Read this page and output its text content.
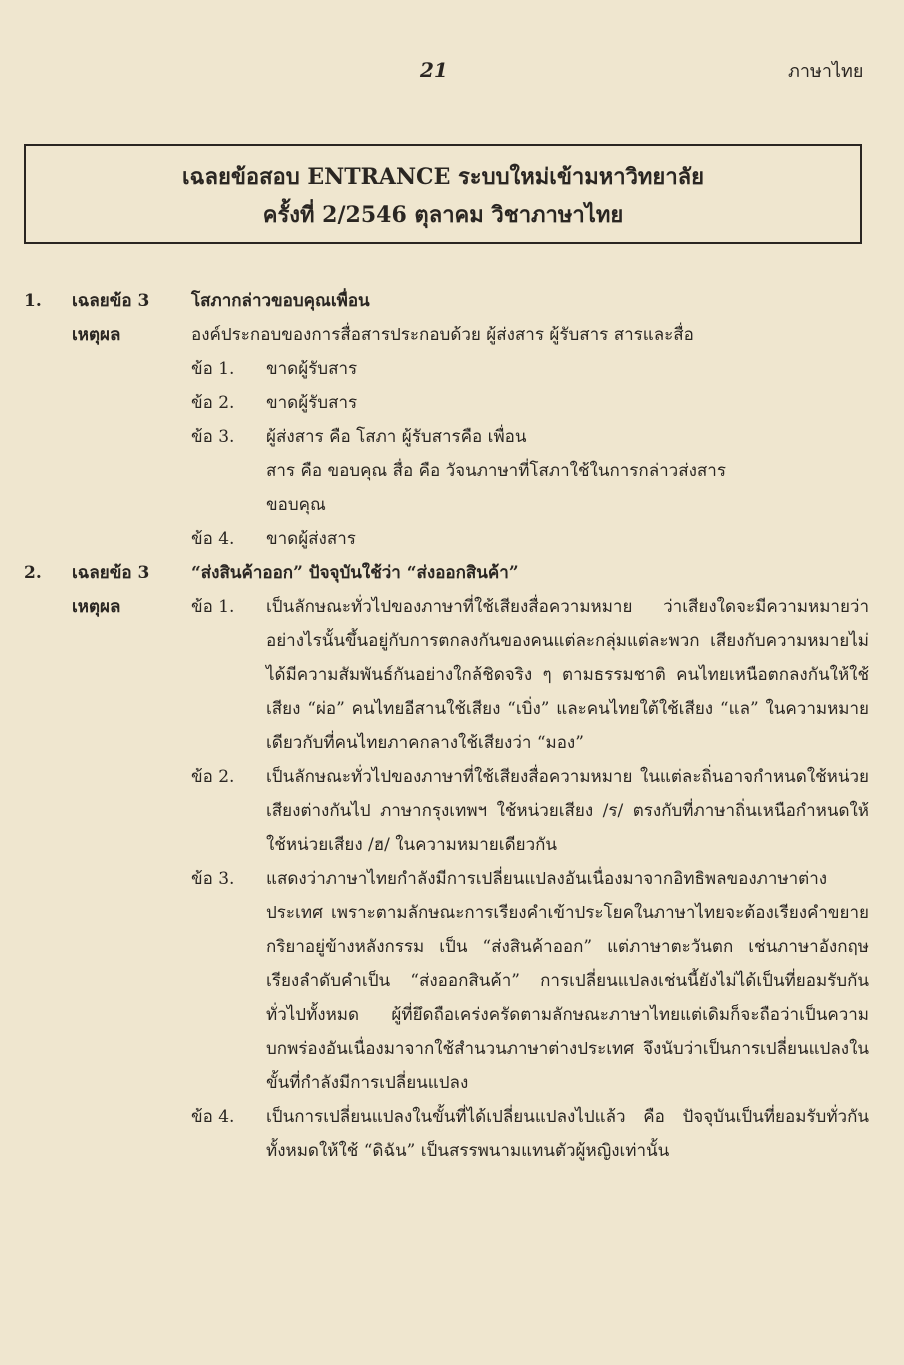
21	ภาษาไทย
เฉลยข้อสอบ ENTRANCE ระบบใหม่เข้ามหาวิทยาลัย
ครั้งที่ 2/2546 ตุลาคม วิชาภาษาไทย
1.	เฉลยข้อ 3	โสภากล่าวขอบคุณเพื่อน
เหตุผล	องค์ประกอบของการสื่อสารประกอบด้วย ผู้ส่งสาร ผู้รับสาร สารและสื่อ
ข้อ 1.	ขาดผู้รับสาร
ข้อ 2.	ขาดผู้รับสาร
ข้อ 3.	ผู้ส่งสาร คือ โสภา ผู้รับสารคือ เพื่อน
สาร คือ ขอบคุณ สื่อ คือ วัจนภาษาที่โสภาใช้ในการกล่าวส่งสาร
ขอบคุณ
ข้อ 4.	ขาดผู้ส่งสาร
2.	เฉลยข้อ 3	“ส่งสินค้าออก” ปัจจุบันใช้ว่า “ส่งออกสินค้า”
เหตุผล	ข้อ 1.	เป็นลักษณะทั่วไปของภาษาที่ใช้เสียงสื่อความหมาย ว่าเสียงใดจะมีความหมายว่าอย่างไรนั้นขึ้นอยู่กับการตกลงกันของคนแต่ละกลุ่มแต่ละพวก เสียงกับความหมายไม่ได้มีความสัมพันธ์กันอย่างใกล้ชิดจริง ๆ ตามธรรมชาติ คนไทยเหนือตกลงกันให้ใช้เสียง “ผ่อ” คนไทยอีสานใช้เสียง “เบิ่ง” และคนไทยใต้ใช้เสียง “แล” ในความหมายเดียวกับที่คนไทยภาคกลางใช้เสียงว่า “มอง”
ข้อ 2.	เป็นลักษณะทั่วไปของภาษาที่ใช้เสียงสื่อความหมาย ในแต่ละถิ่นอาจกำหนดใช้หน่วยเสียงต่างกันไป ภาษากรุงเทพฯ ใช้หน่วยเสียง /ร/ ตรงกับที่ภาษาถิ่นเหนือกำหนดให้ใช้หน่วยเสียง /ฮ/ ในความหมายเดียวกัน
ข้อ 3.	แสดงว่าภาษาไทยกำลังมีการเปลี่ยนแปลงอันเนื่องมาจากอิทธิพลของภาษาต่างประเทศ เพราะตามลักษณะการเรียงคำเข้าประโยคในภาษาไทยจะต้องเรียงคำขยายกริยาอยู่ข้างหลังกรรม เป็น “ส่งสินค้าออก” แต่ภาษาตะวันตก เช่นภาษาอังกฤษ เรียงลำดับคำเป็น “ส่งออกสินค้า” การเปลี่ยนแปลงเช่นนี้ยังไม่ได้เป็นที่ยอมรับกันทั่วไปทั้งหมด ผู้ที่ยึดถือเคร่งครัดตามลักษณะภาษาไทยแต่เดิมก็จะถือว่าเป็นความบกพร่องอันเนื่องมาจากใช้สำนวนภาษาต่างประเทศ จึงนับว่าเป็นการเปลี่ยนแปลงในขั้นที่กำลังมีการเปลี่ยนแปลง
ข้อ 4.	เป็นการเปลี่ยนแปลงในขั้นที่ได้เปลี่ยนแปลงไปแล้ว คือ ปัจจุบันเป็นที่ยอมรับทั่วกันทั้งหมดให้ใช้ “ดิฉัน” เป็นสรรพนามแทนตัวผู้หญิงเท่านั้น
